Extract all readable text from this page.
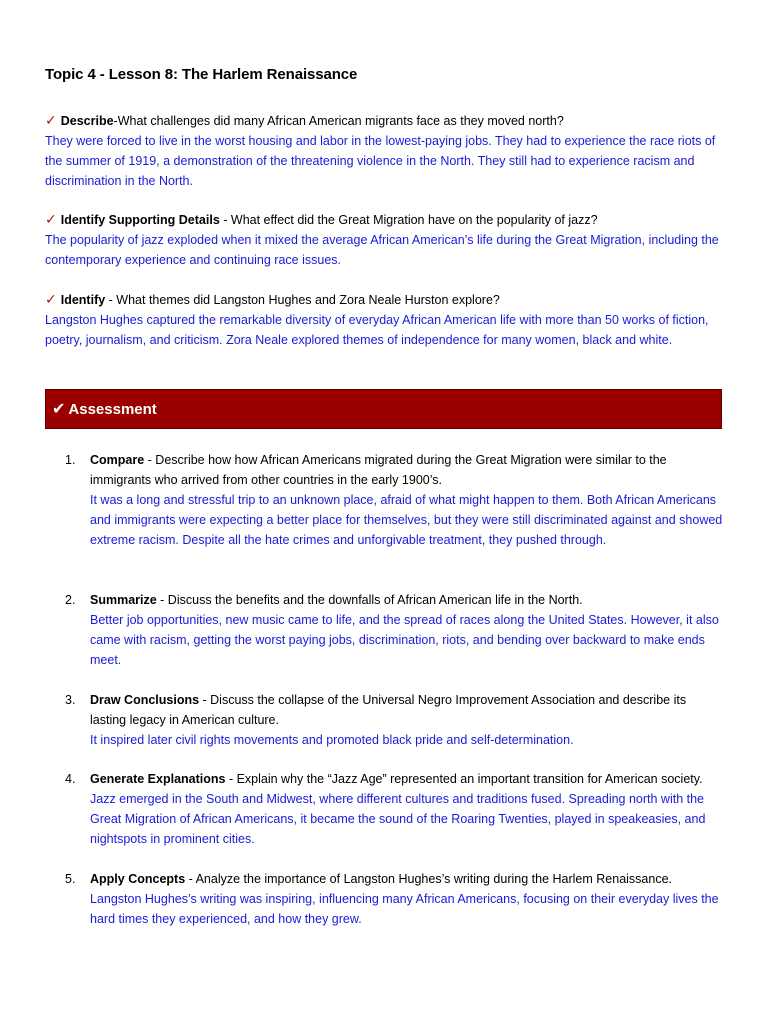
Topic 4 - Lesson 8: The Harlem Renaissance
✓ Describe-What challenges did many African American migrants face as they moved north?
They were forced to live in the worst housing and labor in the lowest-paying jobs. They had to experience the race riots of the summer of 1919, a demonstration of the threatening violence in the North. They still had to experience racism and discrimination in the North.
✓ Identify Supporting Details - What effect did the Great Migration have on the popularity of jazz?
The popularity of jazz exploded when it mixed the average African American’s life during the Great Migration, including the contemporary experience and continuing race issues.
✓ Identify - What themes did Langston Hughes and Zora Neale Hurston explore?
Langston Hughes captured the remarkable diversity of everyday African American life with more than 50 works of fiction, poetry, journalism, and criticism. Zora Neale explored themes of independence for many women, black and white.
✔ Assessment
1.	Compare - Describe how how African Americans migrated during the Great Migration were similar to the immigrants who arrived from other countries in the early 1900’s.
It was a long and stressful trip to an unknown place, afraid of what might happen to them. Both African Americans and immigrants were expecting a better place for themselves, but they were still discriminated against and showed extreme racism. Despite all the hate crimes and unforgivable treatment, they pushed through.
2.	Summarize - Discuss the benefits and the downfalls of African American life in the North.
Better job opportunities, new music came to life, and the spread of races along the United States. However, it also came with racism, getting the worst paying jobs, discrimination, riots, and bending over backward to make ends meet.
3.	Draw Conclusions - Discuss the collapse of the Universal Negro Improvement Association and describe its lasting legacy in American culture.
It inspired later civil rights movements and promoted black pride and self-determination.
4.	Generate Explanations - Explain why the “Jazz Age” represented an important transition for American society.
Jazz emerged in the South and Midwest, where different cultures and traditions fused. Spreading north with the Great Migration of African Americans, it became the sound of the Roaring Twenties, played in speakeasies, and nightspots in prominent cities.
5.	Apply Concepts - Analyze the importance of Langston Hughes’s writing during the Harlem Renaissance.
Langston Hughes’s writing was inspiring, influencing many African Americans, focusing on their everyday lives the hard times they experienced, and how they grew.
